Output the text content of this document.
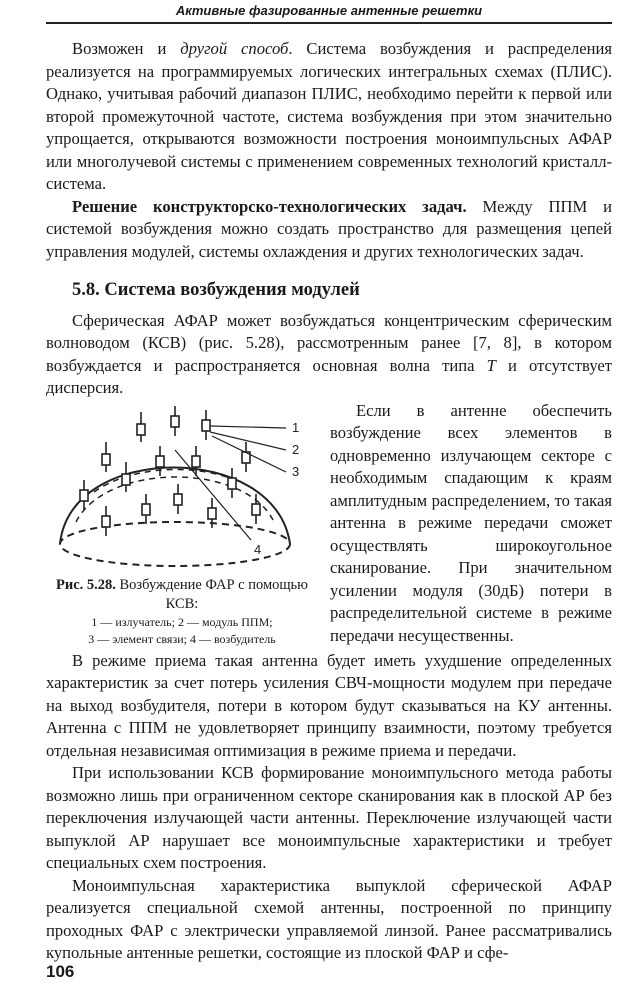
Активные фазированные антенные решетки

Возможен и другой способ. Система возбуждения и распределения реализуется на программируемых логических интегральных схемах (ПЛИС). Однако, учитывая рабочий диапазон ПЛИС, необходимо перейти к первой или второй промежуточной частоте, система возбуждения при этом значительно упрощается, открываются возможности построения моноимпульсных АФАР или многолучевой системы с применением современных технологий кристалл-система.

Решение конструкторско-технологических задач. Между ППМ и системой возбуждения можно создать пространство для размещения цепей управления модулей, системы охлаждения и других технологических задач.

5.8. Система возбуждения модулей

Сферическая АФАР может возбуждаться концентрическим сферическим волноводом (КСВ) (рис. 5.28), рассмотренным ранее [7, 8], в котором возбуждается и распространяется основная волна типа T и отсутствует дисперсия.

1
2
3
4
Рис. 5.28. Возбуждение ФАР с помощью КСВ:
1 — излучатель; 2 — модуль ППМ;
3 — элемент связи; 4 — возбудитель

Если в антенне обеспечить возбуждение всех элементов в одновременно излучающем секторе с необходимым спадающим к краям амплитудным распределением, то такая антенна в режиме передачи сможет осуществлять широкоугольное сканирование. При значительном усилении модуля (30дБ) потери в распределительной системе в режиме передачи несущественны.

В режиме приема такая антенна будет иметь ухудшение определенных характеристик за счет потерь усиления СВЧ-мощности модулем при передаче на выход возбудителя, потери в котором будут сказываться на КУ антенны. Антенна с ППМ не удовлетворяет принципу взаимности, поэтому требуется отдельная независимая оптимизация в режиме приема и передачи.

При использовании КСВ формирование моноимпульсного метода работы возможно лишь при ограниченном секторе сканирования как в плоской АР без переключения излучающей части антенны. Переключение излучающей части выпуклой АР нарушает все моноимпульсные характеристики и требует специальных схем построения.

Моноимпульсная характеристика выпуклой сферической АФАР реализуется специальной схемой антенны, построенной по принципу проходных ФАР с электрически управляемой линзой. Ранее рассматривались купольные антенные решетки, состоящие из плоской ФАР и сфе-

106
